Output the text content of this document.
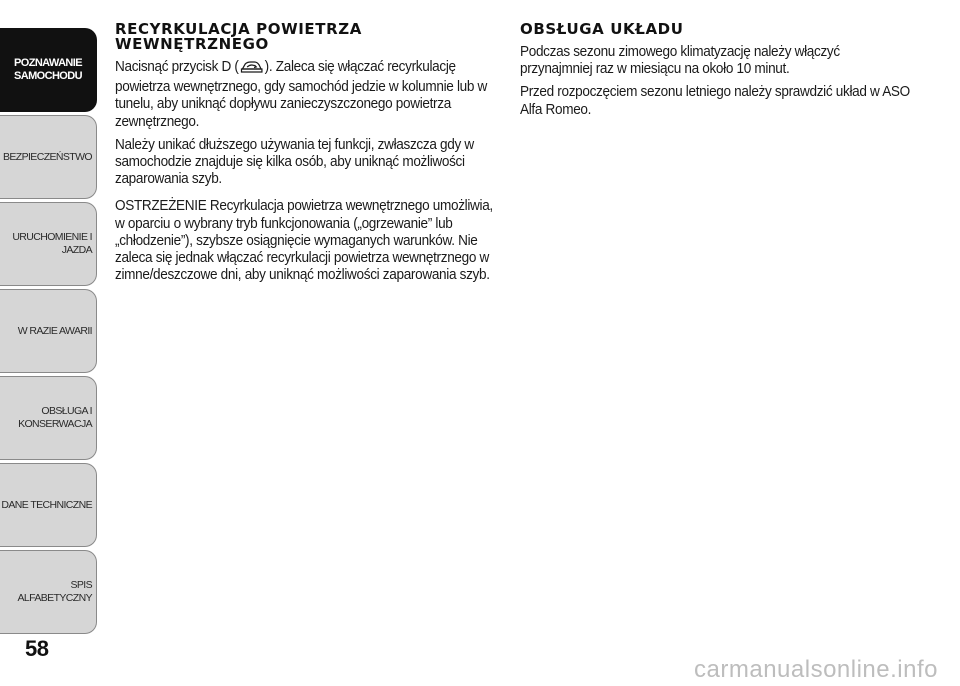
POZNAWANIE
SAMOCHODU
BEZPIECZEŃSTWO
URUCHOMIENIE I
JAZDA
W RAZIE AWARII
OBSŁUGA I
KONSERWACJA
DANE TECHNICZNE
SPIS ALFABETYCZNY
58
RECYRKULACJA POWIETRZA WEWNĘTRZNEGO

Nacisnąć przycisk D ( ). Zaleca się włączać recyrkulację powietrza wewnętrznego, gdy samochód jedzie w kolumnie lub w tunelu, aby uniknąć dopływu zanieczyszczonego powietrza zewnętrznego.

Należy unikać dłuższego używania tej funkcji, zwłaszcza gdy w samochodzie znajduje się kilka osób, aby uniknąć możliwości zaparowania szyb.

OSTRZEŻENIE Recyrkulacja powietrza wewnętrznego umożliwia, w oparciu o wybrany tryb funkcjonowania („ogrzewanie” lub „chłodzenie”), szybsze osiągnięcie wymaganych warunków. Nie zaleca się jednak włączać recyrkulacji powietrza wewnętrznego w zimne/deszczowe dni, aby uniknąć możliwości zaparowania szyb.

OBSŁUGA UKŁADU

Podczas sezonu zimowego klimatyzację należy włączyć przynajmniej raz w miesiącu na około 10 minut.

Przed rozpoczęciem sezonu letniego należy sprawdzić układ w ASO Alfa Romeo.

carmanualsonline.info
